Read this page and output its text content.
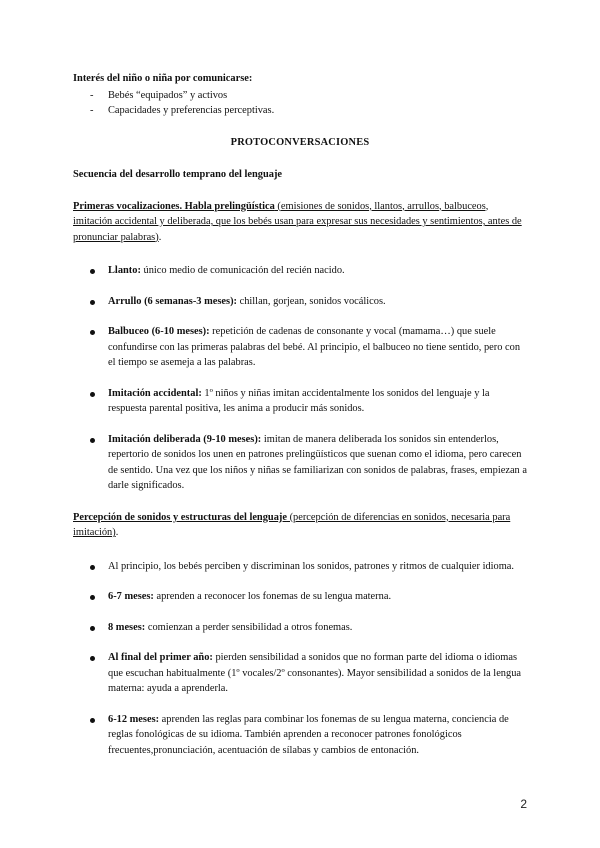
Interés del niño o niña por comunicarse:
- Bebés “equipados” y activos
- Capacidades y preferencias perceptivas.
PROTOCONVERSACIONES
Secuencia del desarrollo temprano del lenguaje
Primeras vocalizaciones. Habla prelingüística (emisiones de sonidos, llantos, arrullos, balbuceos, imitación accidental y deliberada, que los bebés usan para expresar sus necesidades y sentimientos, antes de pronunciar palabras).
Llanto: único medio de comunicación del recién nacido.
Arrullo (6 semanas-3 meses): chillan, gorjean, sonidos vocálicos.
Balbuceo (6-10 meses): repetición de cadenas de consonante y vocal (mamama…) que suele confundirse con las primeras palabras del bebé. Al principio, el balbuceo no tiene sentido, pero con el tiempo se asemeja a las palabras.
Imitación accidental: 1º niños y niñas imitan accidentalmente los sonidos del lenguaje y la respuesta parental positiva, les anima a producir más sonidos.
Imitación deliberada (9-10 meses): imitan de manera deliberada los sonidos sin entenderlos, repertorio de sonidos los unen en patrones prelingüísticos que suenan como el idioma, pero carecen de sentido. Una vez que los niños y niñas se familiarizan con sonidos de palabras, frases, empiezan a darle significados.
Percepción de sonidos y estructuras del lenguaje (percepción de diferencias en sonidos, necesaria para imitación).
Al principio, los bebés perciben y discriminan los sonidos, patrones y ritmos de cualquier idioma.
6-7 meses: aprenden a reconocer los fonemas de su lengua materna.
8 meses: comienzan a perder sensibilidad a otros fonemas.
Al final del primer año: pierden sensibilidad a sonidos que no forman parte del idioma o idiomas que escuchan habitualmente (1º vocales/2º consonantes). Mayor sensibilidad a sonidos de la lengua materna: ayuda a aprenderla.
6-12 meses: aprenden las reglas para combinar los fonemas de su lengua materna, conciencia de reglas fonológicas de su idioma. También aprenden a reconocer patrones fonológicos frecuentes,pronunciación, acentuación de sílabas y cambios de entonación.
2
